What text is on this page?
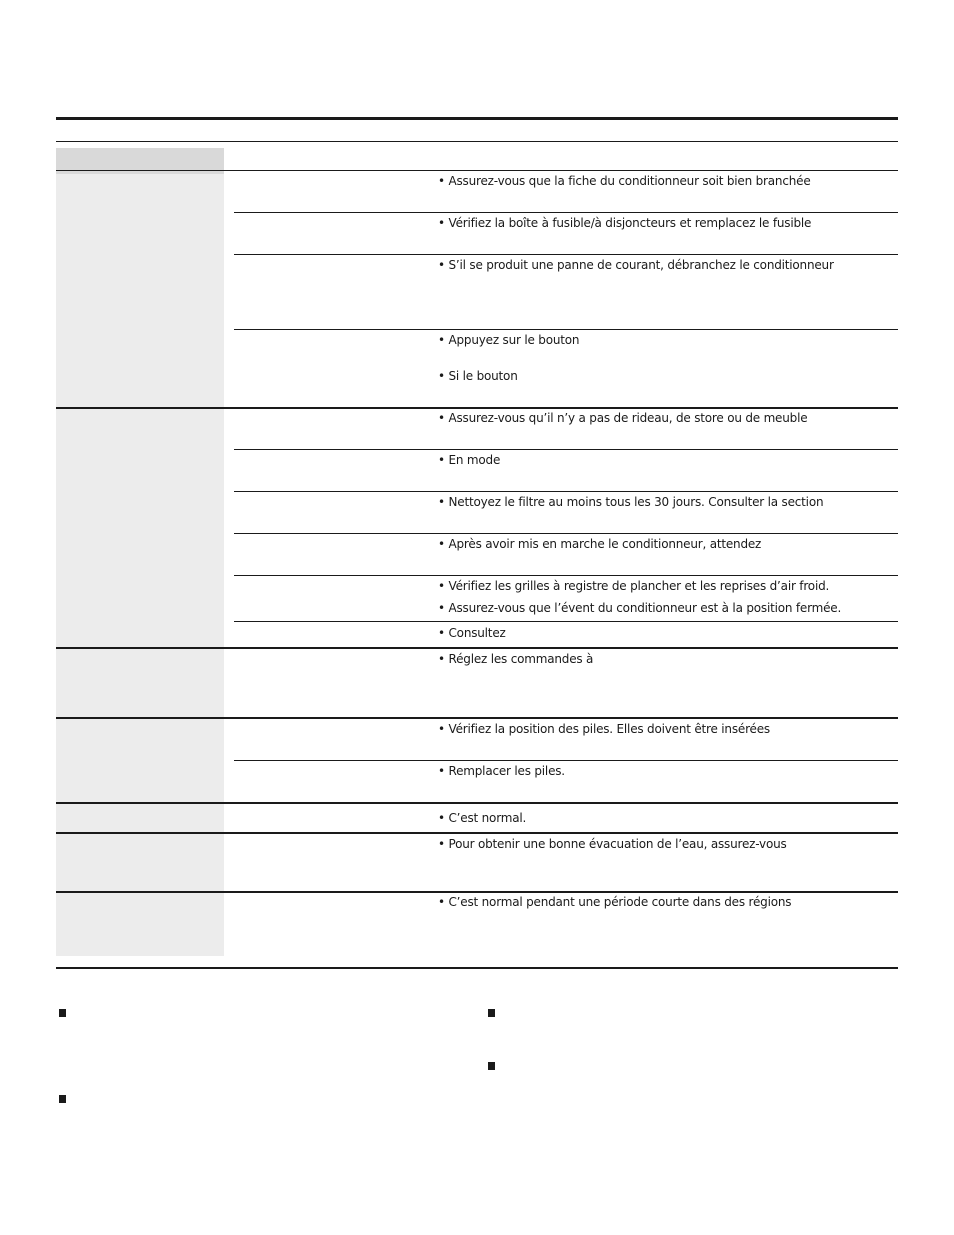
• Assurez-vous que la fiche du conditionneur soit bien branchée
• Vérifiez la boîte à fusible/à disjoncteurs et remplacez le fusible
• S’il se produit une panne de courant, débranchez le conditionneur
• Appuyez sur le bouton
• Si le bouton
• Assurez-vous qu’il n’y a pas de rideau, de store ou de meuble
• En mode
• Nettoyez le filtre au moins tous les 30 jours. Consulter la section
• Après avoir mis en marche le conditionneur, attendez
• Vérifiez les grilles à registre de plancher et les reprises d’air froid.
• Assurez-vous que l’évent du conditionneur est à la position fermée.
• Consultez
• Réglez les commandes à
• Vérifiez la position des piles. Elles doivent être insérées
• Remplacer les piles.
• C’est normal.
• Pour obtenir une bonne évacuation de l’eau, assurez-vous
• C’est normal pendant une période courte dans des régions
